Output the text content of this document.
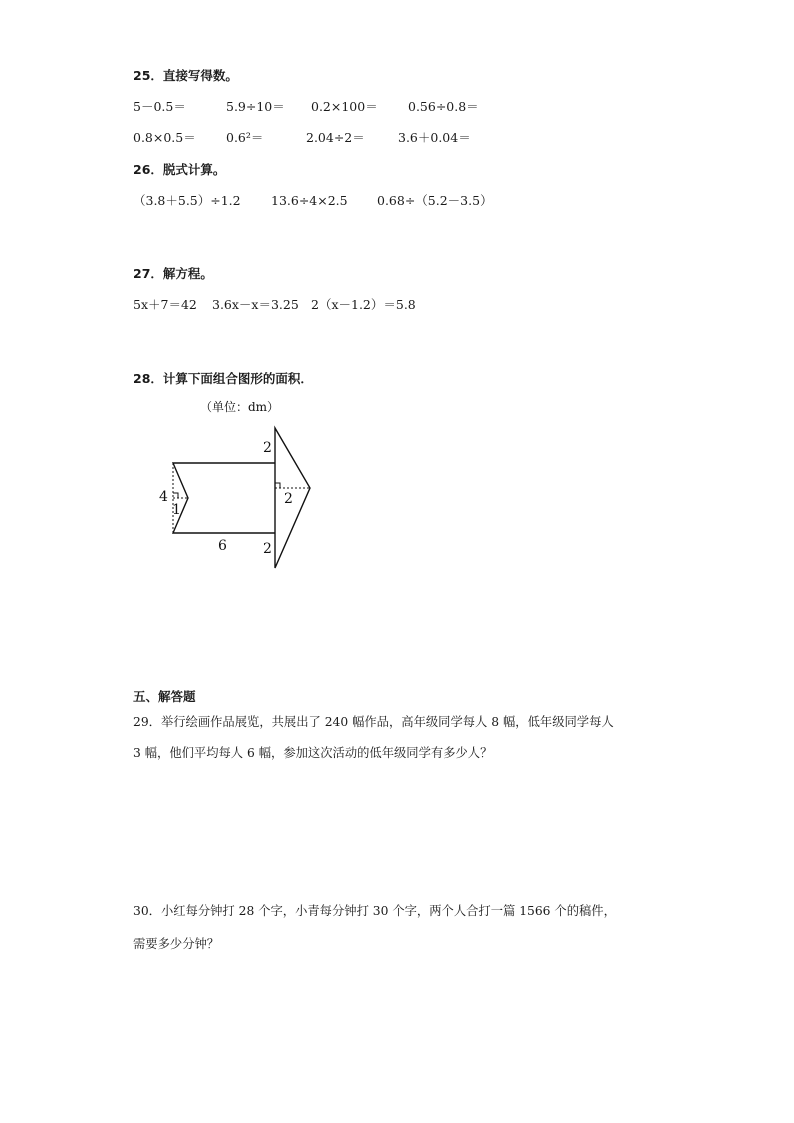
25．直接写得数。
5－0.5＝	5.9÷10＝ 0.2×100＝ 0.56÷0.8＝
0.8×0.5＝ 0.6²＝	2.04÷2＝	3.6＋0.04＝
26．脱式计算。
（3.8＋5.5）÷1.2 13.6÷4×2.5 0.68÷（5.2－3.5）
27．解方程。
5x＋7＝42 3.6x－x＝3.25 2（x－1.2）＝5.8
28．计算下面组合图形的面积．
（单位：dm）
2
2
2
4
1
6
五、解答题
29．举行绘画作品展览，共展出了 240 幅作品，高年级同学每人 8 幅，低年级同学每人
3 幅，他们平均每人 6 幅，参加这次活动的低年级同学有多少人？
30．小红每分钟打 28 个字，小青每分钟打 30 个字，两个人合打一篇 1566 个的稿件，
需要多少分钟？
